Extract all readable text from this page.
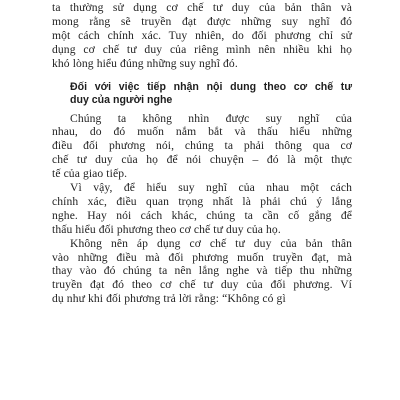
ta thường sử dụng cơ chế tư duy của bản thân và
mong rằng sẽ truyền đạt được những suy nghĩ đó
một cách chính xác. Tuy nhiên, do đối phương chỉ sử
dụng cơ chế tư duy của riêng mình nên nhiều khi họ
khó lòng hiểu đúng những suy nghĩ đó.
Đối với việc tiếp nhận nội dung theo cơ chế tư
duy của người nghe
Chúng ta không nhìn được suy nghĩ của
nhau, do đó muốn nắm bắt và thấu hiểu những
điều đối phương nói, chúng ta phải thông qua cơ
chế tư duy của họ để nói chuyện – đó là một thực
tế của giao tiếp.
Vì vậy, để hiểu suy nghĩ của nhau một cách
chính xác, điều quan trọng nhất là phải chú ý lắng
nghe. Hay nói cách khác, chúng ta cần cố gắng để
thấu hiểu đối phương theo cơ chế tư duy của họ.
Không nên áp dụng cơ chế tư duy của bản thân
vào những điều mà đối phương muốn truyền đạt, mà
thay vào đó chúng ta nên lắng nghe và tiếp thu những
truyền đạt đó theo cơ chế tư duy của đối phương. Ví
dụ như khi đối phương trả lời rằng: “Không có gì
